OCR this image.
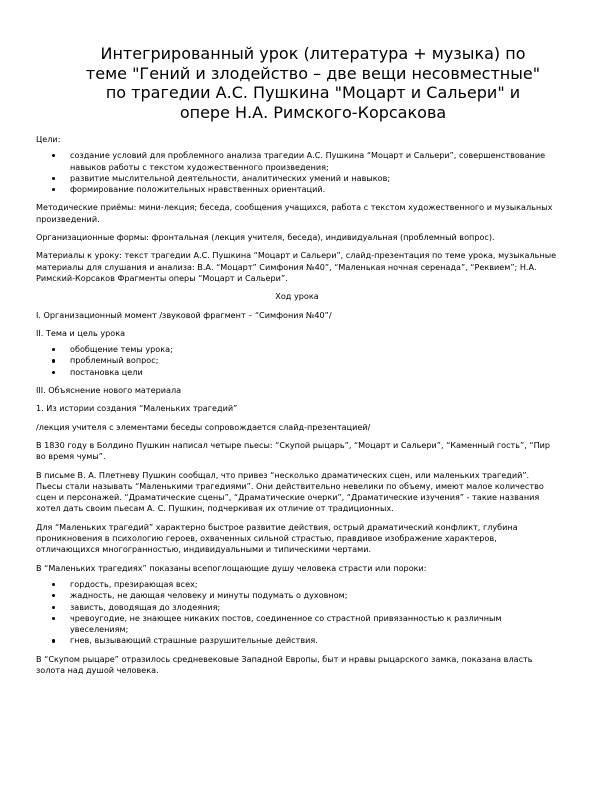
Интегрированный урок (литература + музыка) по теме "Гений и злодейство – две вещи несовместные" по трагедии А.С. Пушкина "Моцарт и Сальери" и опере Н.А. Римского-Корсакова
Цели:
создание условий для проблемного анализа трагедии А.С. Пушкина “Моцарт и Сальери”, совершенствование навыков работы с текстом художественного произведения;
развитие мыслительной деятельности, аналитических умений и навыков;
формирование положительных нравственных ориентаций.
Методические приёмы: мини-лекция; беседа, сообщения учащихся, работа с текстом художественного и музыкальных произведений.
Организационные формы: фронтальная (лекция учителя, беседа), индивидуальная (проблемный вопрос).
Материалы к уроку: текст трагедии А.С. Пушкина “Моцарт и Сальери”, слайд-презентация по теме урока, музыкальные материалы для слушания и анализа: В.А. “Моцарт” Симфония №40”, “Маленькая ночная серенада”, “Реквием”; Н.А. Римский-Корсаков Фрагменты оперы “Моцарт и Сальери”.
Ход урока
I. Организационный момент /звуковой фрагмент – “Симфония №40”/
II. Тема и цель урока
обобщение темы урока;
проблемный вопрос;
постановка цели
III. Объяснение нового материала
1. Из истории создания “Маленьких трагедий”
/лекция учителя с элементами беседы сопровождается слайд-презентацией/
В 1830 году в Болдино Пушкин написал четыре пьесы: “Скупой рыцарь”, “Моцарт и Сальери”, “Каменный гость”, “Пир во время чумы”.
В письме В. А. Плетневу Пушкин сообщал, что привез “несколько драматических сцен, или маленьких трагедий”. Пьесы стали называть “Маленькими трагедиями”. Они действительно невелики по объему, имеют малое количество сцен и персонажей. “Драматические сцены”, “Драматические очерки”, “Драматические изучения” - такие названия хотел дать своим пьесам А. С. Пушкин, подчеркивая их отличие от традиционных.
Для “Маленьких трагедий” характерно быстрое развитие действия, острый драматический конфликт, глубина проникновения в психологию героев, охваченных сильной страстью, правдивое изображение характеров, отличающихся многогранностью, индивидуальными и типическими чертами.
В “Маленьких трагедиях” показаны всепоглощающие душу человека страсти или пороки:
гордость, презирающая всех;
жадность, не дающая человеку и минуты подумать о духовном;
зависть, доводящая до злодеяния;
чревоугодие, не знающее никаких постов, соединенное со страстной привязанностью к различным увеселениям;
гнев, вызывающий страшные разрушительные действия.
В “Скупом рыцаре” отразилось средневековые Западной Европы, быт и нравы рыцарского замка, показана власть золота над душой человека.
